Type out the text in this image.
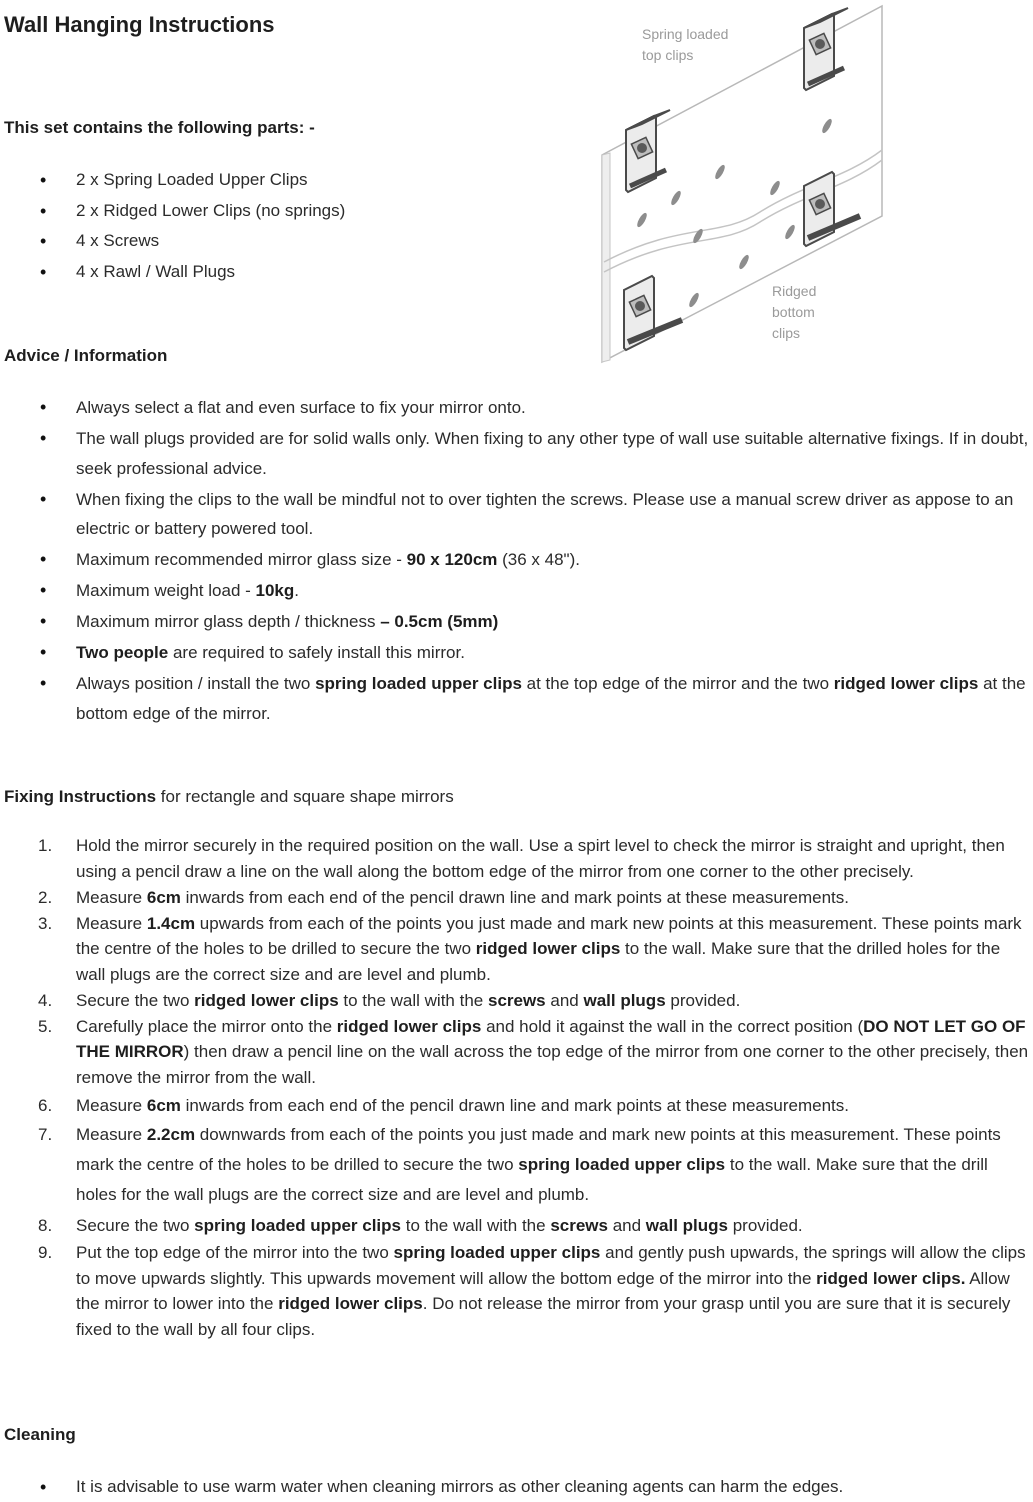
Wall Hanging Instructions
This set contains the following parts: -
• 2 x Spring Loaded Upper Clips
• 2 x Ridged Lower Clips (no springs)
• 4 x Screws
• 4 x Rawl / Wall Plugs
Spring loaded
top clips
Ridged
bottom
clips
Advice / Information
• Always select a flat and even surface to fix your mirror onto.
• The wall plugs provided are for solid walls only. When fixing to any other type of wall use suitable alternative fixings. If in doubt, seek professional advice.
• When fixing the clips to the wall be mindful not to over tighten the screws. Please use a manual screw driver as appose to an electric or battery powered tool.
• Maximum recommended mirror glass size - 90 x 120cm (36 x 48").
• Maximum weight load - 10kg.
• Maximum mirror glass depth / thickness – 0.5cm (5mm)
• Two people are required to safely install this mirror.
• Always position / install the two spring loaded upper clips at the top edge of the mirror and the two ridged lower clips at the bottom edge of the mirror.
Fixing Instructions for rectangle and square shape mirrors
1. Hold the mirror securely in the required position on the wall. Use a spirt level to check the mirror is straight and upright, then using a pencil draw a line on the wall along the bottom edge of the mirror from one corner to the other precisely.
2. Measure 6cm inwards from each end of the pencil drawn line and mark points at these measurements.
3. Measure 1.4cm upwards from each of the points you just made and mark new points at this measurement. These points mark the centre of the holes to be drilled to secure the two ridged lower clips to the wall. Make sure that the drilled holes for the wall plugs are the correct size and are level and plumb.
4. Secure the two ridged lower clips to the wall with the screws and wall plugs provided.
5. Carefully place the mirror onto the ridged lower clips and hold it against the wall in the correct position (DO NOT LET GO OF THE MIRROR) then draw a pencil line on the wall across the top edge of the mirror from one corner to the other precisely, then remove the mirror from the wall.
6. Measure 6cm inwards from each end of the pencil drawn line and mark points at these measurements.
7. Measure 2.2cm downwards from each of the points you just made and mark new points at this measurement. These points mark the centre of the holes to be drilled to secure the two spring loaded upper clips to the wall. Make sure that the drill holes for the wall plugs are the correct size and are level and plumb.
8. Secure the two spring loaded upper clips to the wall with the screws and wall plugs provided.
9. Put the top edge of the mirror into the two spring loaded upper clips and gently push upwards, the springs will allow the clips to move upwards slightly. This upwards movement will allow the bottom edge of the mirror into the ridged lower clips. Allow the mirror to lower into the ridged lower clips. Do not release the mirror from your grasp until you are sure that it is securely fixed to the wall by all four clips.
Cleaning
• It is advisable to use warm water when cleaning mirrors as other cleaning agents can harm the edges.
